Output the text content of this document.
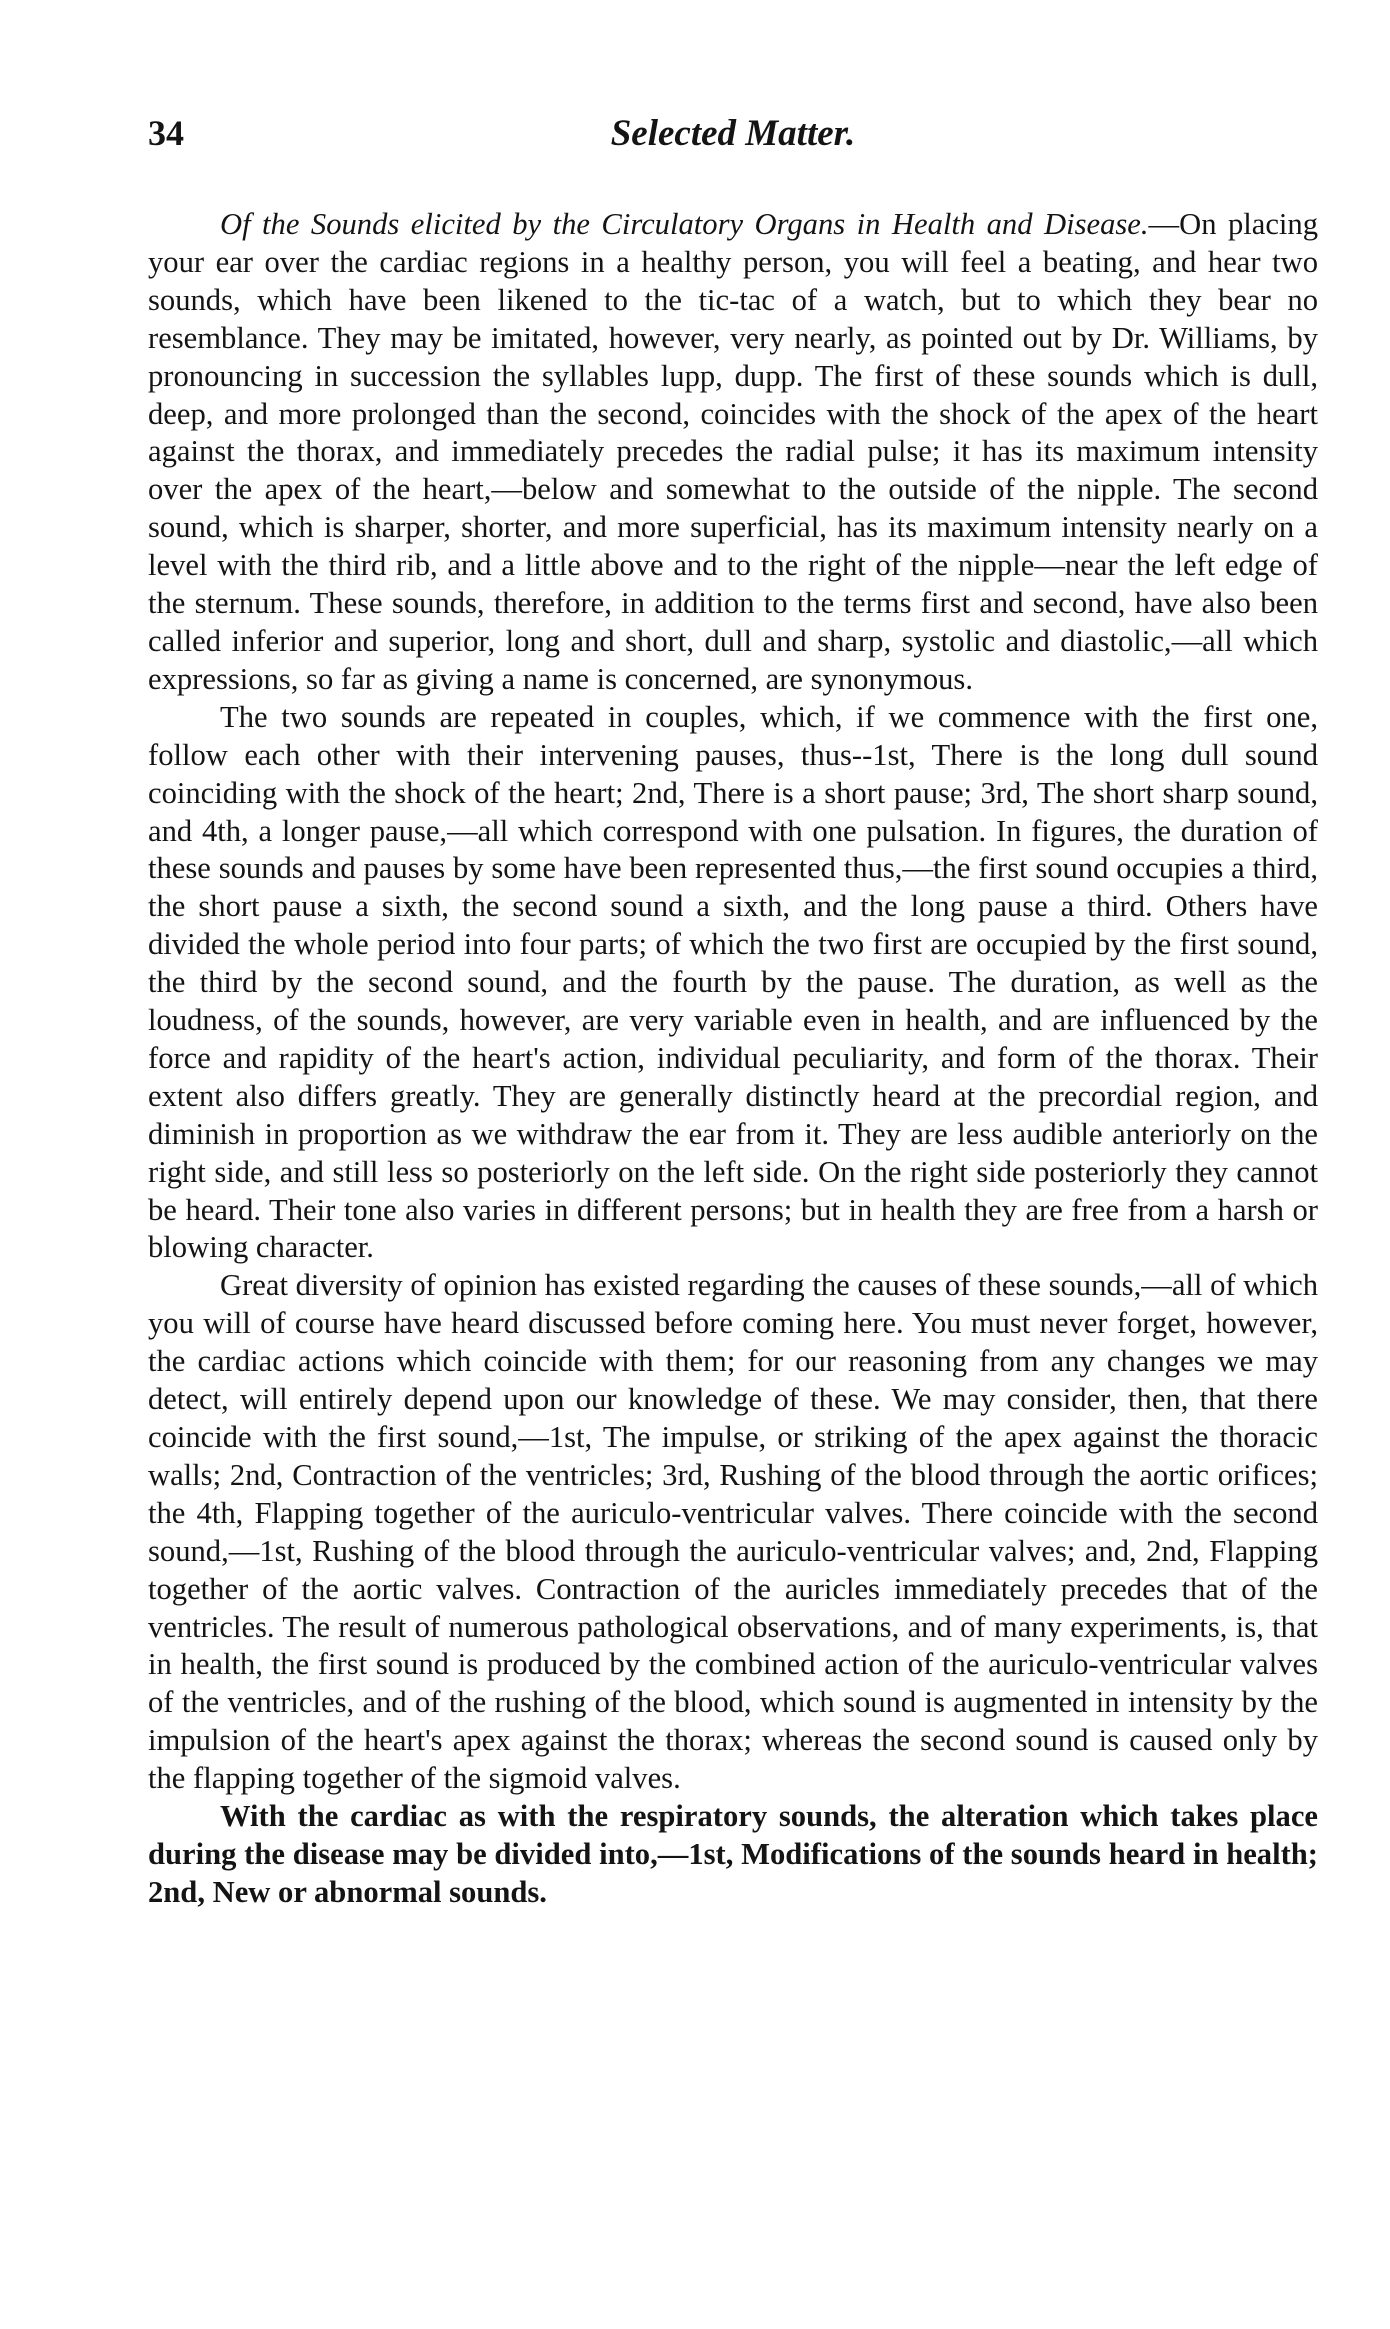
34	Selected Matter.

Of the Sounds elicited by the Circulatory Organs in Health and Disease.—On placing your ear over the cardiac regions in a healthy person, you will feel a beating, and hear two sounds, which have been likened to the tic-tac of a watch, but to which they bear no resemblance. They may be imitated, however, very nearly, as pointed out by Dr. Williams, by pronouncing in succession the syllables lupp, dupp. The first of these sounds which is dull, deep, and more prolonged than the second, coincides with the shock of the apex of the heart against the thorax, and immediately precedes the radial pulse; it has its maximum intensity over the apex of the heart,—below and somewhat to the outside of the nipple. The second sound, which is sharper, shorter, and more superficial, has its maximum intensity nearly on a level with the third rib, and a little above and to the right of the nipple—near the left edge of the sternum. These sounds, therefore, in addition to the terms first and second, have also been called inferior and superior, long and short, dull and sharp, systolic and diastolic,—all which expressions, so far as giving a name is concerned, are synonymous.

The two sounds are repeated in couples, which, if we commence with the first one, follow each other with their intervening pauses, thus--1st, There is the long dull sound coinciding with the shock of the heart; 2nd, There is a short pause; 3rd, The short sharp sound, and 4th, a longer pause,—all which correspond with one pulsation. In figures, the duration of these sounds and pauses by some have been represented thus,—the first sound occupies a third, the short pause a sixth, the second sound a sixth, and the long pause a third. Others have divided the whole period into four parts; of which the two first are occupied by the first sound, the third by the second sound, and the fourth by the pause. The duration, as well as the loudness, of the sounds, however, are very variable even in health, and are influenced by the force and rapidity of the heart's action, individual peculiarity, and form of the thorax. Their extent also differs greatly. They are generally distinctly heard at the precordial region, and diminish in proportion as we withdraw the ear from it. They are less audible anteriorly on the right side, and still less so posteriorly on the left side. On the right side posteriorly they cannot be heard. Their tone also varies in different persons; but in health they are free from a harsh or blowing character.

Great diversity of opinion has existed regarding the causes of these sounds,—all of which you will of course have heard discussed before coming here. You must never forget, however, the cardiac actions which coincide with them; for our reasoning from any changes we may detect, will entirely depend upon our knowledge of these. We may consider, then, that there coincide with the first sound,—1st, The impulse, or striking of the apex against the thoracic walls; 2nd, Contraction of the ventricles; 3rd, Rushing of the blood through the aortic orifices; the 4th, Flapping together of the auriculo-ventricular valves. There coincide with the second sound,—1st, Rushing of the blood through the auriculo-ventricular valves; and, 2nd, Flapping together of the aortic valves. Contraction of the auricles immediately precedes that of the ventricles. The result of numerous pathological observations, and of many experiments, is, that in health, the first sound is produced by the combined action of the auriculo-ventricular valves of the ventricles, and of the rushing of the blood, which sound is augmented in intensity by the impulsion of the heart's apex against the thorax; whereas the second sound is caused only by the flapping together of the sigmoid valves.

With the cardiac as with the respiratory sounds, the alteration which takes place during the disease may be divided into,—1st, Modifications of the sounds heard in health; 2nd, New or abnormal sounds.
